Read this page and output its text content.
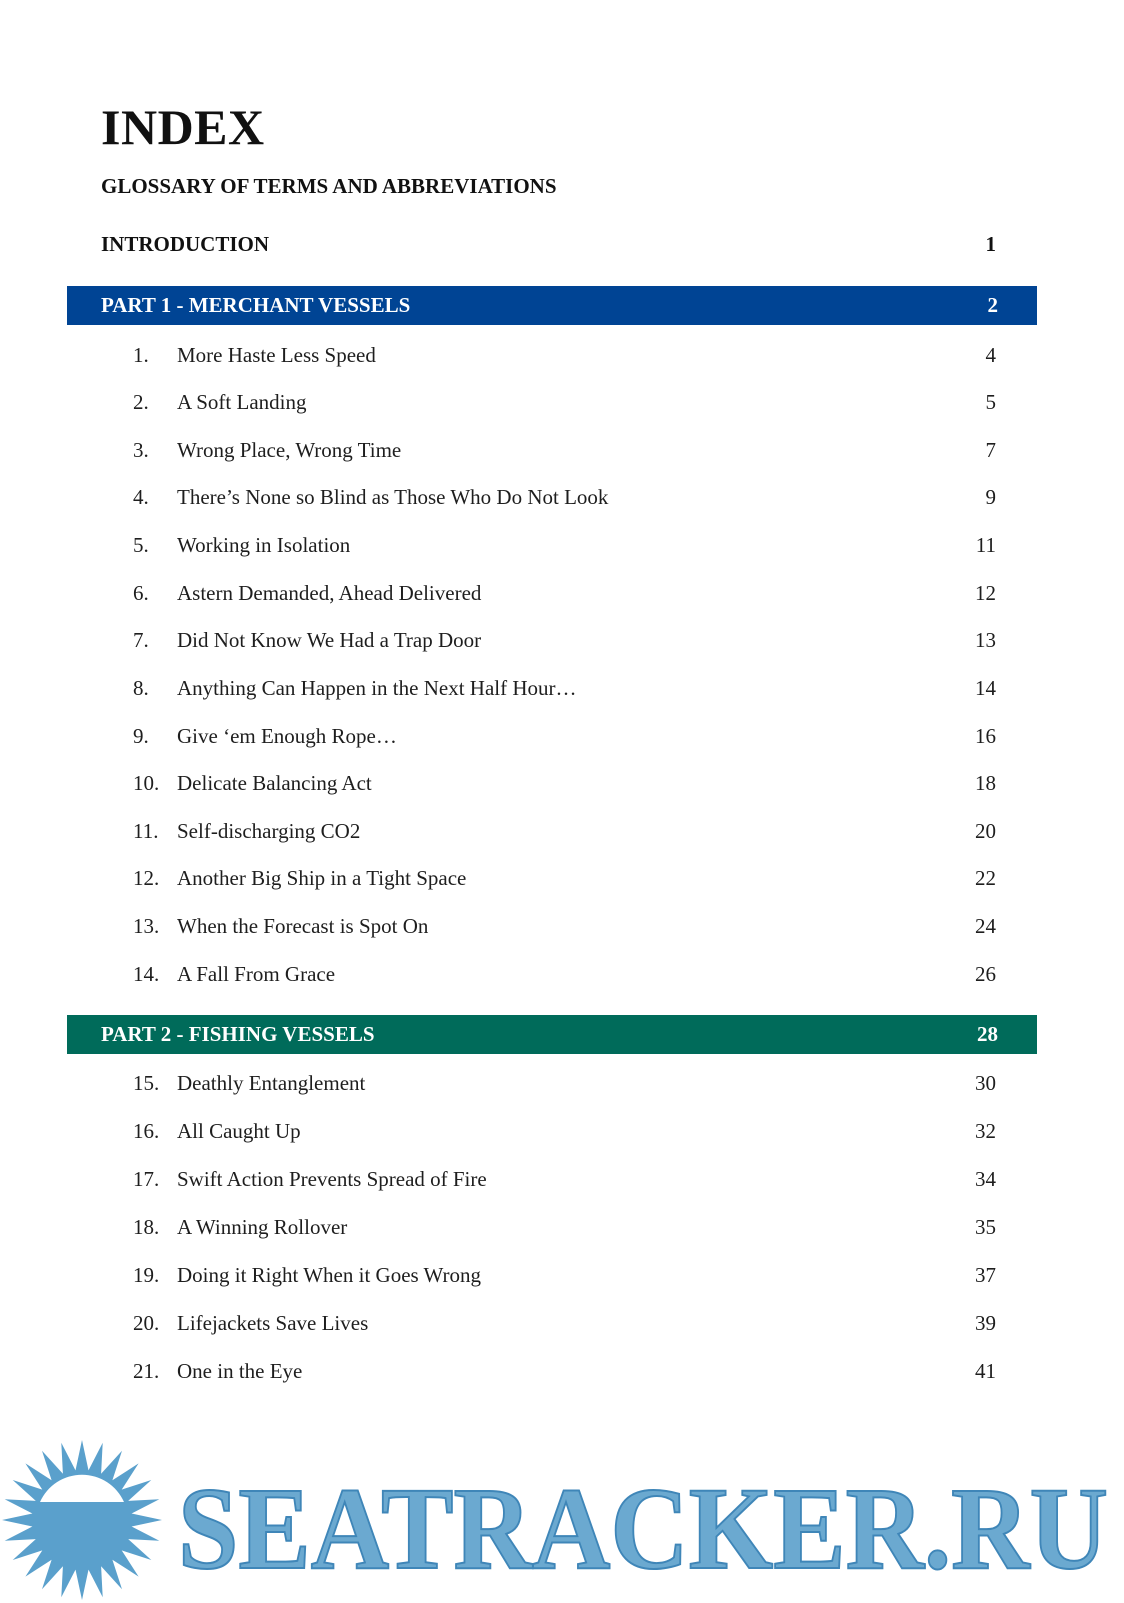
INDEX
GLOSSARY OF TERMS AND ABBREVIATIONS
INTRODUCTION	1
PART 1 - MERCHANT VESSELS	2
1.	More Haste Less Speed	4
2.	A Soft Landing	5
3.	Wrong Place, Wrong Time	7
4.	There’s None so Blind as Those Who Do Not Look	9
5.	Working in Isolation	11
6.	Astern Demanded, Ahead Delivered	12
7.	Did Not Know We Had a Trap Door	13
8.	Anything Can Happen in the Next Half Hour…	14
9.	Give ‘em Enough Rope…	16
10. Delicate Balancing Act	18
11. Self-discharging CO2	20
12. Another Big Ship in a Tight Space	22
13. When the Forecast is Spot On	24
14. A Fall From Grace	26
PART 2 - FISHING VESSELS	28
15. Deathly Entanglement	30
16. All Caught Up	32
17. Swift Action Prevents Spread of Fire	34
18. A Winning Rollover	35
19. Doing it Right When it Goes Wrong	37
20. Lifejackets Save Lives	39
21. One in the Eye	41
SEATRACKER.RU
